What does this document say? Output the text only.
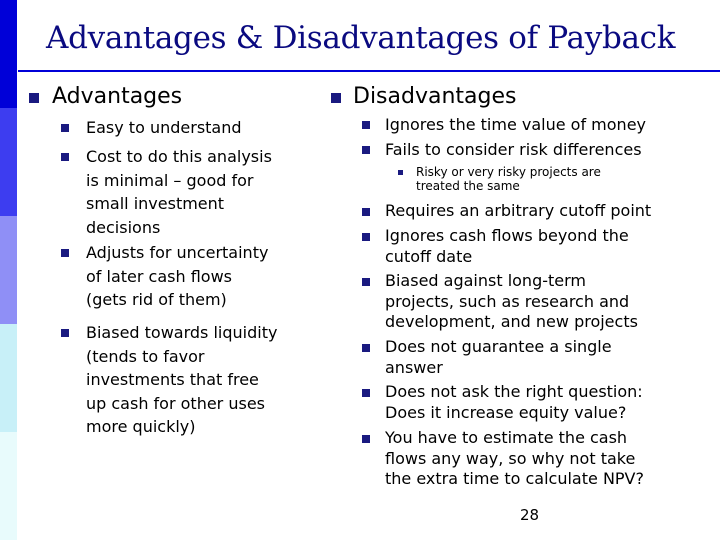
Advantages & Disadvantages of Payback
Advantages
Easy to understand
Cost to do this analysis
is minimal – good for
small investment
decisions
Adjusts for uncertainty
of later cash flows
(gets rid of them)
Biased towards liquidity
(tends to favor
investments that free
up cash for other uses
more quickly)
Disadvantages
Ignores the time value of money
Fails to consider risk differences
Risky or very risky projects are
treated the same
Requires an arbitrary cutoff point
Ignores cash flows beyond the
cutoff date
Biased against long-term
projects, such as research and
development, and new projects
Does not guarantee a single
answer
Does not ask the right question:
Does it increase equity value?
You have to estimate the cash
flows any way, so why not take
the extra time to calculate NPV?
28
